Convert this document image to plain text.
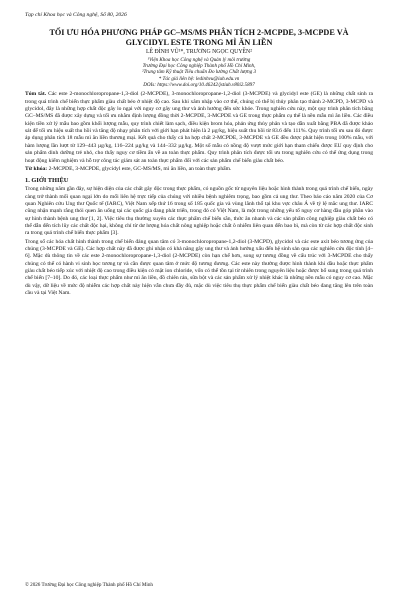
Tạp chí Khoa học và Công nghệ, Số 80, 2026
TỐI ƯU HÓA PHƯƠNG PHÁP GC–MS/MS PHÂN TÍCH 2-MCPDE, 3-MCPDE VÀ GLYCIDYL ESTE TRONG MÌ ĂN LIỀN
LÊ ĐÌNH VŨ¹*, TRƯƠNG NGỌC QUYỀN²
¹Viện Khoa học Công nghệ và Quản lý môi trường
Trường Đại học Công nghiệp Thành phố Hồ Chí Minh,
²Trung tâm Kỹ thuật Tiêu chuẩn Đo lường Chất lượng 3
* Tác giả liên hệ: ledinhvu@iuh.edu.vn
DOIs: https://www.doi.org/10.46242/jstiuh.v80i2.5897

Tóm tắt. Các este 2-monochloropropane-1,3-diol (2-MCPDE), 3-monochloropropane-1,2-diol (3-MCPDE) và glycidyl este (GE) là những chất sinh ra trong quá trình chế biến thực phẩm giàu chất béo ở nhiệt độ cao. Sau khi xâm nhập vào cơ thể, chúng có thể bị thủy phân tạo thành 2-MCPD, 3-MCPD và glycidol, đây là những hợp chất độc gây lo ngại với nguy cơ gây ung thư và ảnh hưởng đến sức khỏe. Trong nghiên cứu này, một quy trình phân tích bằng GC–MS/MS đã được xây dựng và tối ưu nhằm định lượng đồng thời 2-MCPDE, 3-MCPDE và GE trong thực phẩm cụ thể là nền mẫu mì ăn liền. Các điều kiện tiền xử lý mẫu bao gồm khối lượng mẫu, quy trình chiết làm sạch, điều kiện brom hóa, phản ứng thủy phân và tạo dẫn xuất bằng PBA đã được khảo sát để tối ưu hiệu suất thu hồi và tăng độ nhạy phân tích với giới hạn phát hiện là 2 µg/kg, hiệu suất thu hồi từ 83.6 đến 111%. Quy trình tối ưu sau đó được áp dụng phân tích 18 mẫu mì ăn liền thương mại. Kết quả cho thấy cả ba hợp chất 2-MCPDE, 3-MCPDE và GE đều được phát hiện trong 100% mẫu, với hàm lượng lần lượt từ 129–443 µg/kg, 116–224 µg/kg và 144–332 µg/kg. Một số mẫu có nồng độ vượt mức giới hạn tham chiếu được EU quy định cho sản phẩm dinh dưỡng trẻ nhỏ, cho thấy nguy cơ tiềm ẩn về an toàn thực phẩm. Quy trình phân tích được tối ưu trong nghiên cứu có thể ứng dụng trong hoạt động kiểm nghiệm và hỗ trợ công tác giám sát an toàn thực phẩm đối với các sản phẩm chế biến giàu chất béo.

Từ khóa: 2-MCPDE, 3-MCPDE, glycidyl este, GC-MS/MS, mì ăn liền, an toàn thực phẩm.

1. GIỚI THIỆU

Trong những năm gần đây, sự hiện diện của các chất gây độc trong thực phẩm, có nguồn gốc từ nguyên liệu hoặc hình thành trong quá trình chế biến, ngày càng trở thành mối quan ngại lớn do mối liên hệ trực tiếp của chúng với nhiều bệnh nghiêm trọng, bao gồm cả ung thư. Theo báo cáo năm 2020 của Cơ quan Nghiên cứu Ung thư Quốc tế (IARC), Việt Nam xếp thứ 16 trong số 185 quốc gia và vùng lãnh thổ tại khu vực châu Á về tỷ lệ mắc ung thư. IARC cũng nhận mạnh rằng thói quen ăn uống tại các quốc gia đang phát triển, trong đó có Việt Nam, là một trong những yếu tố nguy cơ hàng đầu góp phần vào sự hình thành bệnh ung thư [1, 2]. Việc tiêu thụ thường xuyên các thực phẩm chế biến sẵn, thức ăn nhanh và các sản phẩm công nghiệp giàu chất béo có thể dẫn đến tích lũy các chất độc hại, không chỉ từ dư lượng hóa chất nông nghiệp hoặc chất ô nhiễm liên quan đến bao bì, mà còn từ các hợp chất độc sinh ra trong quá trình chế biến thực phẩm [3].

Trong số các hóa chất hình thành trong chế biến đáng quan tâm có 3-monochloropropane-1,2-diol (3-MCPD), glycidol và các este axit béo tương ứng của chúng (3-MCPDE và GE). Các hợp chất này đã được ghi nhận có khả năng gây ung thư và ảnh hưởng xấu đến hệ sinh sản qua các nghiên cứu độc tính [4–6]. Mặc dù thông tin về các este 2-monochloropropane-1,3-diol (2-MCPDE) còn hạn chế hơn, song sự tương đồng về cấu trúc với 3-MCPDE cho thấy chúng có thể có hành vi sinh học tương tự và cần được quan tâm ở mức độ tương đương. Các este này thường được hình thành khi dầu hoặc thực phẩm giàu chất béo tiếp xúc với nhiệt độ cao trong điều kiện có mặt ion chloride, vốn có thể tồn tại từ nhiên trong nguyên liệu hoặc được bổ sung trong quá trình chế biến [7–10]. Do đó, các loại thực phẩm như mì ăn liền, đồ chiên rán, sữa bột và các sản phẩm xử lý nhiệt khác là những nền mẫu có nguy cơ cao. Mặc dù vậy, dữ liệu về mức độ nhiễm các hợp chất này hiện vẫn chưa đầy đủ, mặc dù việc tiêu thụ thực phẩm chế biến giàu chất béo đang tăng lên trên toàn cầu và tại Việt Nam.

© 2026 Trường Đại học Công nghiệp Thành phố Hồ Chí Minh
